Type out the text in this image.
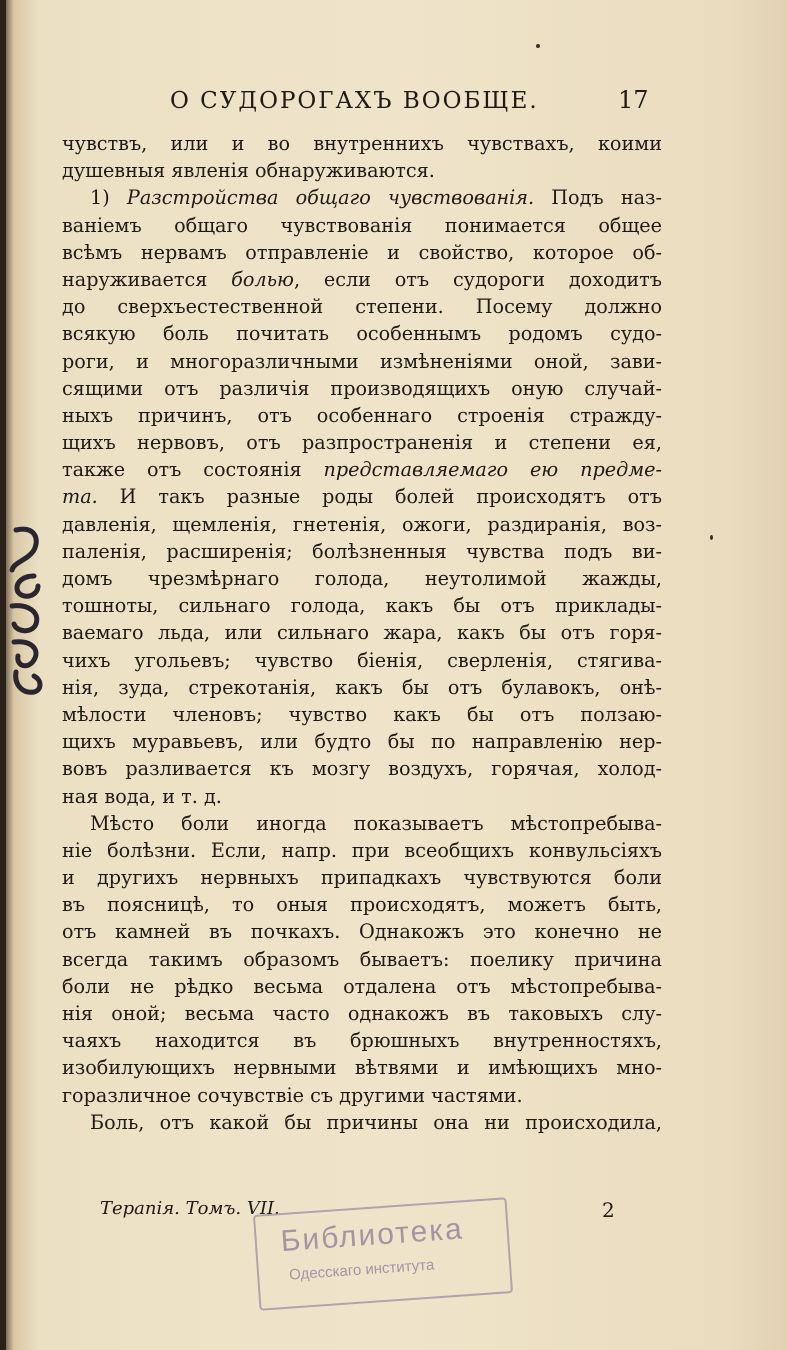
О СУДОРОГАХЪ ВООБЩЕ.	17
чувствъ, или и во внутреннихъ чувствахъ, коими
душевныя явленія обнаруживаются.
1) Разстройства общаго чувствованія. Подъ наз-
ваніемъ общаго чувствованія понимается общее
всѣмъ нервамъ отправленіе и свойство, которое об-
наруживается болью, если отъ судороги доходитъ
до сверхъестественной степени. Посему должно
всякую боль почитать особеннымъ родомъ судо-
роги, и многоразличными измѣненіями оной, зави-
сящими отъ различія производящихъ оную случай-
ныхъ причинъ, отъ особеннаго строенія стражду-
щихъ нервовъ, отъ разпространенія и степени ея,
также отъ состоянія представляемаго ею предме-
та. И такъ разные роды болей происходятъ отъ
давленія, щемленія, гнетенія, ожоги, раздиранія, воз-
паленія, расширенія; болѣзненныя чувства подъ ви-
домъ чрезмѣрнаго голода, неутолимой жажды,
тошноты, сильнаго голода, какъ бы отъ приклады-
ваемаго льда, или сильнаго жара, какъ бы отъ горя-
чихъ угольевъ; чувство біенія, сверленія, стягива-
нія, зуда, стрекотанія, какъ бы отъ булавокъ, онѣ-
мѣлости членовъ; чувство какъ бы отъ ползаю-
щихъ муравьевъ, или будто бы по направленію нер-
вовъ разливается къ мозгу воздухъ, горячая, холод-
ная вода, и т. д.
Мѣсто боли иногда показываетъ мѣстопребыва-
ніе болѣзни. Если, напр. при всеобщихъ конвульсіяхъ
и другихъ нервныхъ припадкахъ чувствуются боли
въ поясницѣ, то оныя происходятъ, можетъ быть,
отъ камней въ почкахъ. Однакожъ это конечно не
всегда такимъ образомъ бываетъ: поелику причина
боли не рѣдко весьма отдалена отъ мѣстопребыва-
нія оной; весьма часто однакожъ въ таковыхъ слу-
чаяхъ находится въ брюшныхъ внутренностяхъ,
изобилующихъ нервными вѣтвями и имѣющихъ мно-
горазличное сочувствіе съ другими частями.
Боль, отъ какой бы причины она ни происходила,
Терапія. Томъ. VII.	2
Библиотека
Одесскаго института
